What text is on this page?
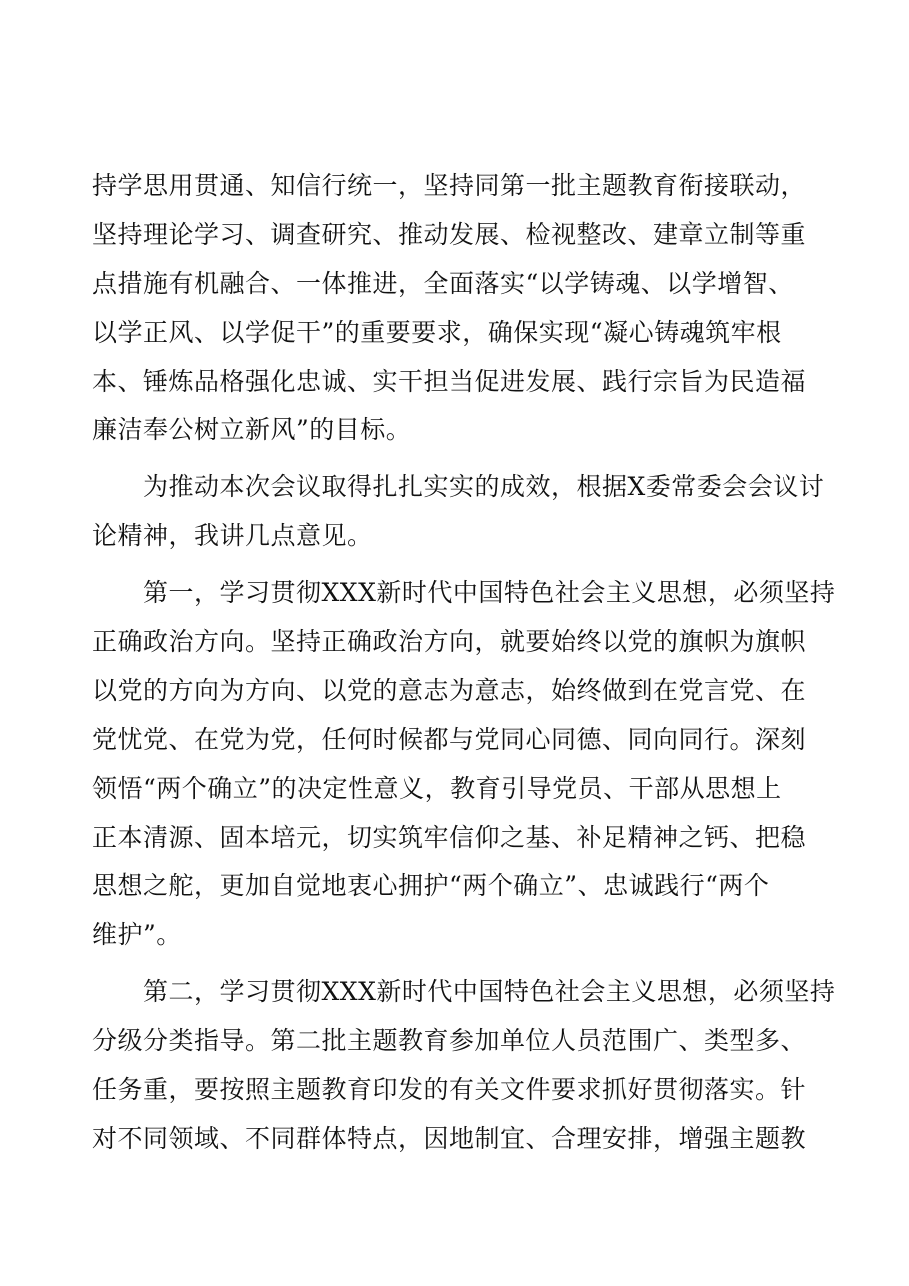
持学思用贯通、知信行统一，坚持同第一批主题教育衔接联动，
坚持理论学习、调查研究、推动发展、检视整改、建章立制等重
点措施有机融合、一体推进，全面落实“以学铸魂、以学增智、
以学正风、以学促干”的重要要求，确保实现“凝心铸魂筑牢根
本、锤炼品格强化忠诚、实干担当促进发展、践行宗旨为民造福
廉洁奉公树立新风”的目标。
　　为推动本次会议取得扎扎实实的成效，根据X委常委会会议讨
论精神，我讲几点意见。
　　第一，学习贯彻XXX新时代中国特色社会主义思想，必须坚持
正确政治方向。坚持正确政治方向，就要始终以党的旗帜为旗帜
以党的方向为方向、以党的意志为意志，始终做到在党言党、在
党忧党、在党为党，任何时候都与党同心同德、同向同行。深刻
领悟“两个确立”的决定性意义，教育引导党员、干部从思想上
正本清源、固本培元，切实筑牢信仰之基、补足精神之钙、把稳
思想之舵，更加自觉地衷心拥护“两个确立”、忠诚践行“两个
维护”。
　　第二，学习贯彻XXX新时代中国特色社会主义思想，必须坚持
分级分类指导。第二批主题教育参加单位人员范围广、类型多、
任务重，要按照主题教育印发的有关文件要求抓好贯彻落实。针
对不同领域、不同群体特点，因地制宜、合理安排，增强主题教
